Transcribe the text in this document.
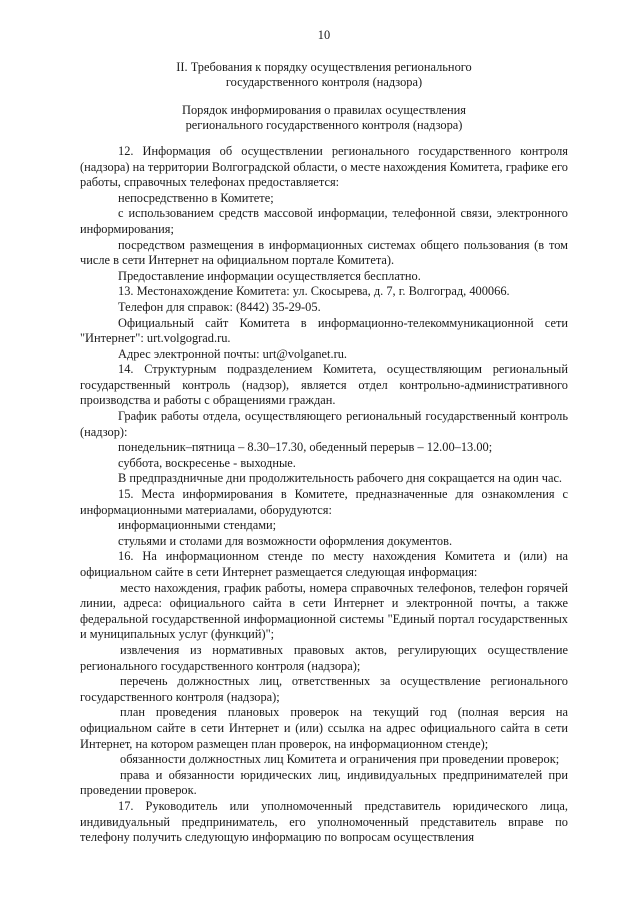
10
II. Требования к порядку осуществления регионального
государственного контроля (надзора)
Порядок информирования о правилах осуществления
регионального государственного контроля (надзора)

12. Информация об осуществлении регионального государственного контроля (надзора) на территории Волгоградской области, о месте нахождения Комитета, графике его работы, справочных телефонах предоставляется:

непосредственно в Комитете;

с использованием средств массовой информации, телефонной связи, электронного информирования;

посредством размещения в информационных системах общего пользования (в том числе в сети Интернет на официальном портале Комитета).

Предоставление информации осуществляется бесплатно.

13. Местонахождение Комитета: ул. Скосырева, д. 7, г. Волгоград, 400066.

Телефон для справок: (8442) 35-29-05.

Официальный сайт Комитета в информационно-телекоммуникационной сети "Интернет": urt.volgograd.ru.

Адрес электронной почты: urt@volganet.ru.

14. Структурным подразделением Комитета, осуществляющим региональный государственный контроль (надзор), является отдел контрольно-административного производства и работы с обращениями граждан.

График работы отдела, осуществляющего региональный государственный контроль (надзор):

понедельник–пятница – 8.30–17.30, обеденный перерыв – 12.00–13.00;

суббота, воскресенье - выходные.

В предпраздничные дни продолжительность рабочего дня сокращается на один час.

15. Места информирования в Комитете, предназначенные для ознакомления с информационными материалами, оборудуются:

информационными стендами;

стульями и столами для возможности оформления документов.

16. На информационном стенде по месту нахождения Комитета и (или) на официальном сайте в сети Интернет размещается следующая информация:

место нахождения, график работы, номера справочных телефонов, телефон горячей линии, адреса: официального сайта в сети Интернет и электронной почты, а также федеральной государственной информационной системы "Единый портал государственных и муниципальных услуг (функций)";

извлечения из нормативных правовых актов, регулирующих осуществление регионального государственного контроля (надзора);

перечень должностных лиц, ответственных за осуществление регионального государственного контроля (надзора);

план проведения плановых проверок на текущий год (полная версия на официальном сайте в сети Интернет и (или) ссылка на адрес официального сайта в сети Интернет, на котором размещен план проверок, на информационном стенде);

обязанности должностных лиц Комитета и ограничения при проведении проверок;

права и обязанности юридических лиц, индивидуальных предпринимателей при проведении проверок.

17. Руководитель или уполномоченный представитель юридического лица, индивидуальный предприниматель, его уполномоченный представитель вправе по телефону получить следующую информацию по вопросам осуществления
